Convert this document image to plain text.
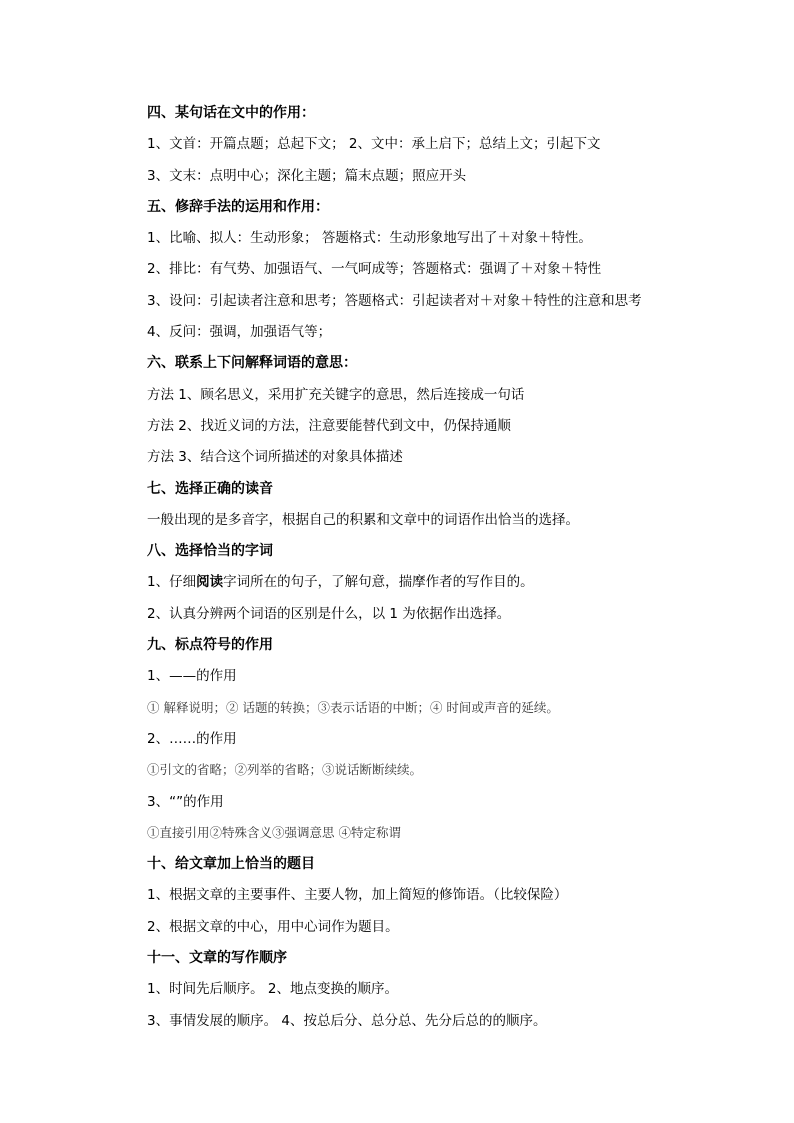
四、某句话在文中的作用：
1、文首：开篇点题；总起下文； 2、文中：承上启下；总结上文；引起下文
3、文末：点明中心；深化主题；篇末点题；照应开头
五、修辞手法的运用和作用：
1、比喻、拟人：生动形象； 答题格式：生动形象地写出了＋对象＋特性。
2、排比：有气势、加强语气、一气呵成等；答题格式：强调了＋对象＋特性
3、设问：引起读者注意和思考；答题格式：引起读者对＋对象＋特性的注意和思考
4、反问：强调，加强语气等；
六、联系上下问解释词语的意思：
方法 1、顾名思义，采用扩充关键字的意思，然后连接成一句话
方法 2、找近义词的方法，注意要能替代到文中，仍保持通顺
方法 3、结合这个词所描述的对象具体描述
七、选择正确的读音
一般出现的是多音字，根据自己的积累和文章中的词语作出恰当的选择。
八、选择恰当的字词
1、仔细阅读字词所在的句子，了解句意，揣摩作者的写作目的。
2、认真分辨两个词语的区别是什么，以 1 为依据作出选择。
九、标点符号的作用
1、——的作用
① 解释说明；② 话题的转换；③表示话语的中断；④ 时间或声音的延续。
2、……的作用
①引文的省略；②列举的省略；③说话断断续续。
3、“”的作用
①直接引用②特殊含义③强调意思 ④特定称谓
十、给文章加上恰当的题目
1、根据文章的主要事件、主要人物，加上简短的修饰语。（比较保险）
2、根据文章的中心，用中心词作为题目。
十一、文章的写作顺序
1、时间先后顺序。 2、地点变换的顺序。
3、事情发展的顺序。 4、按总后分、总分总、先分后总的的顺序。
